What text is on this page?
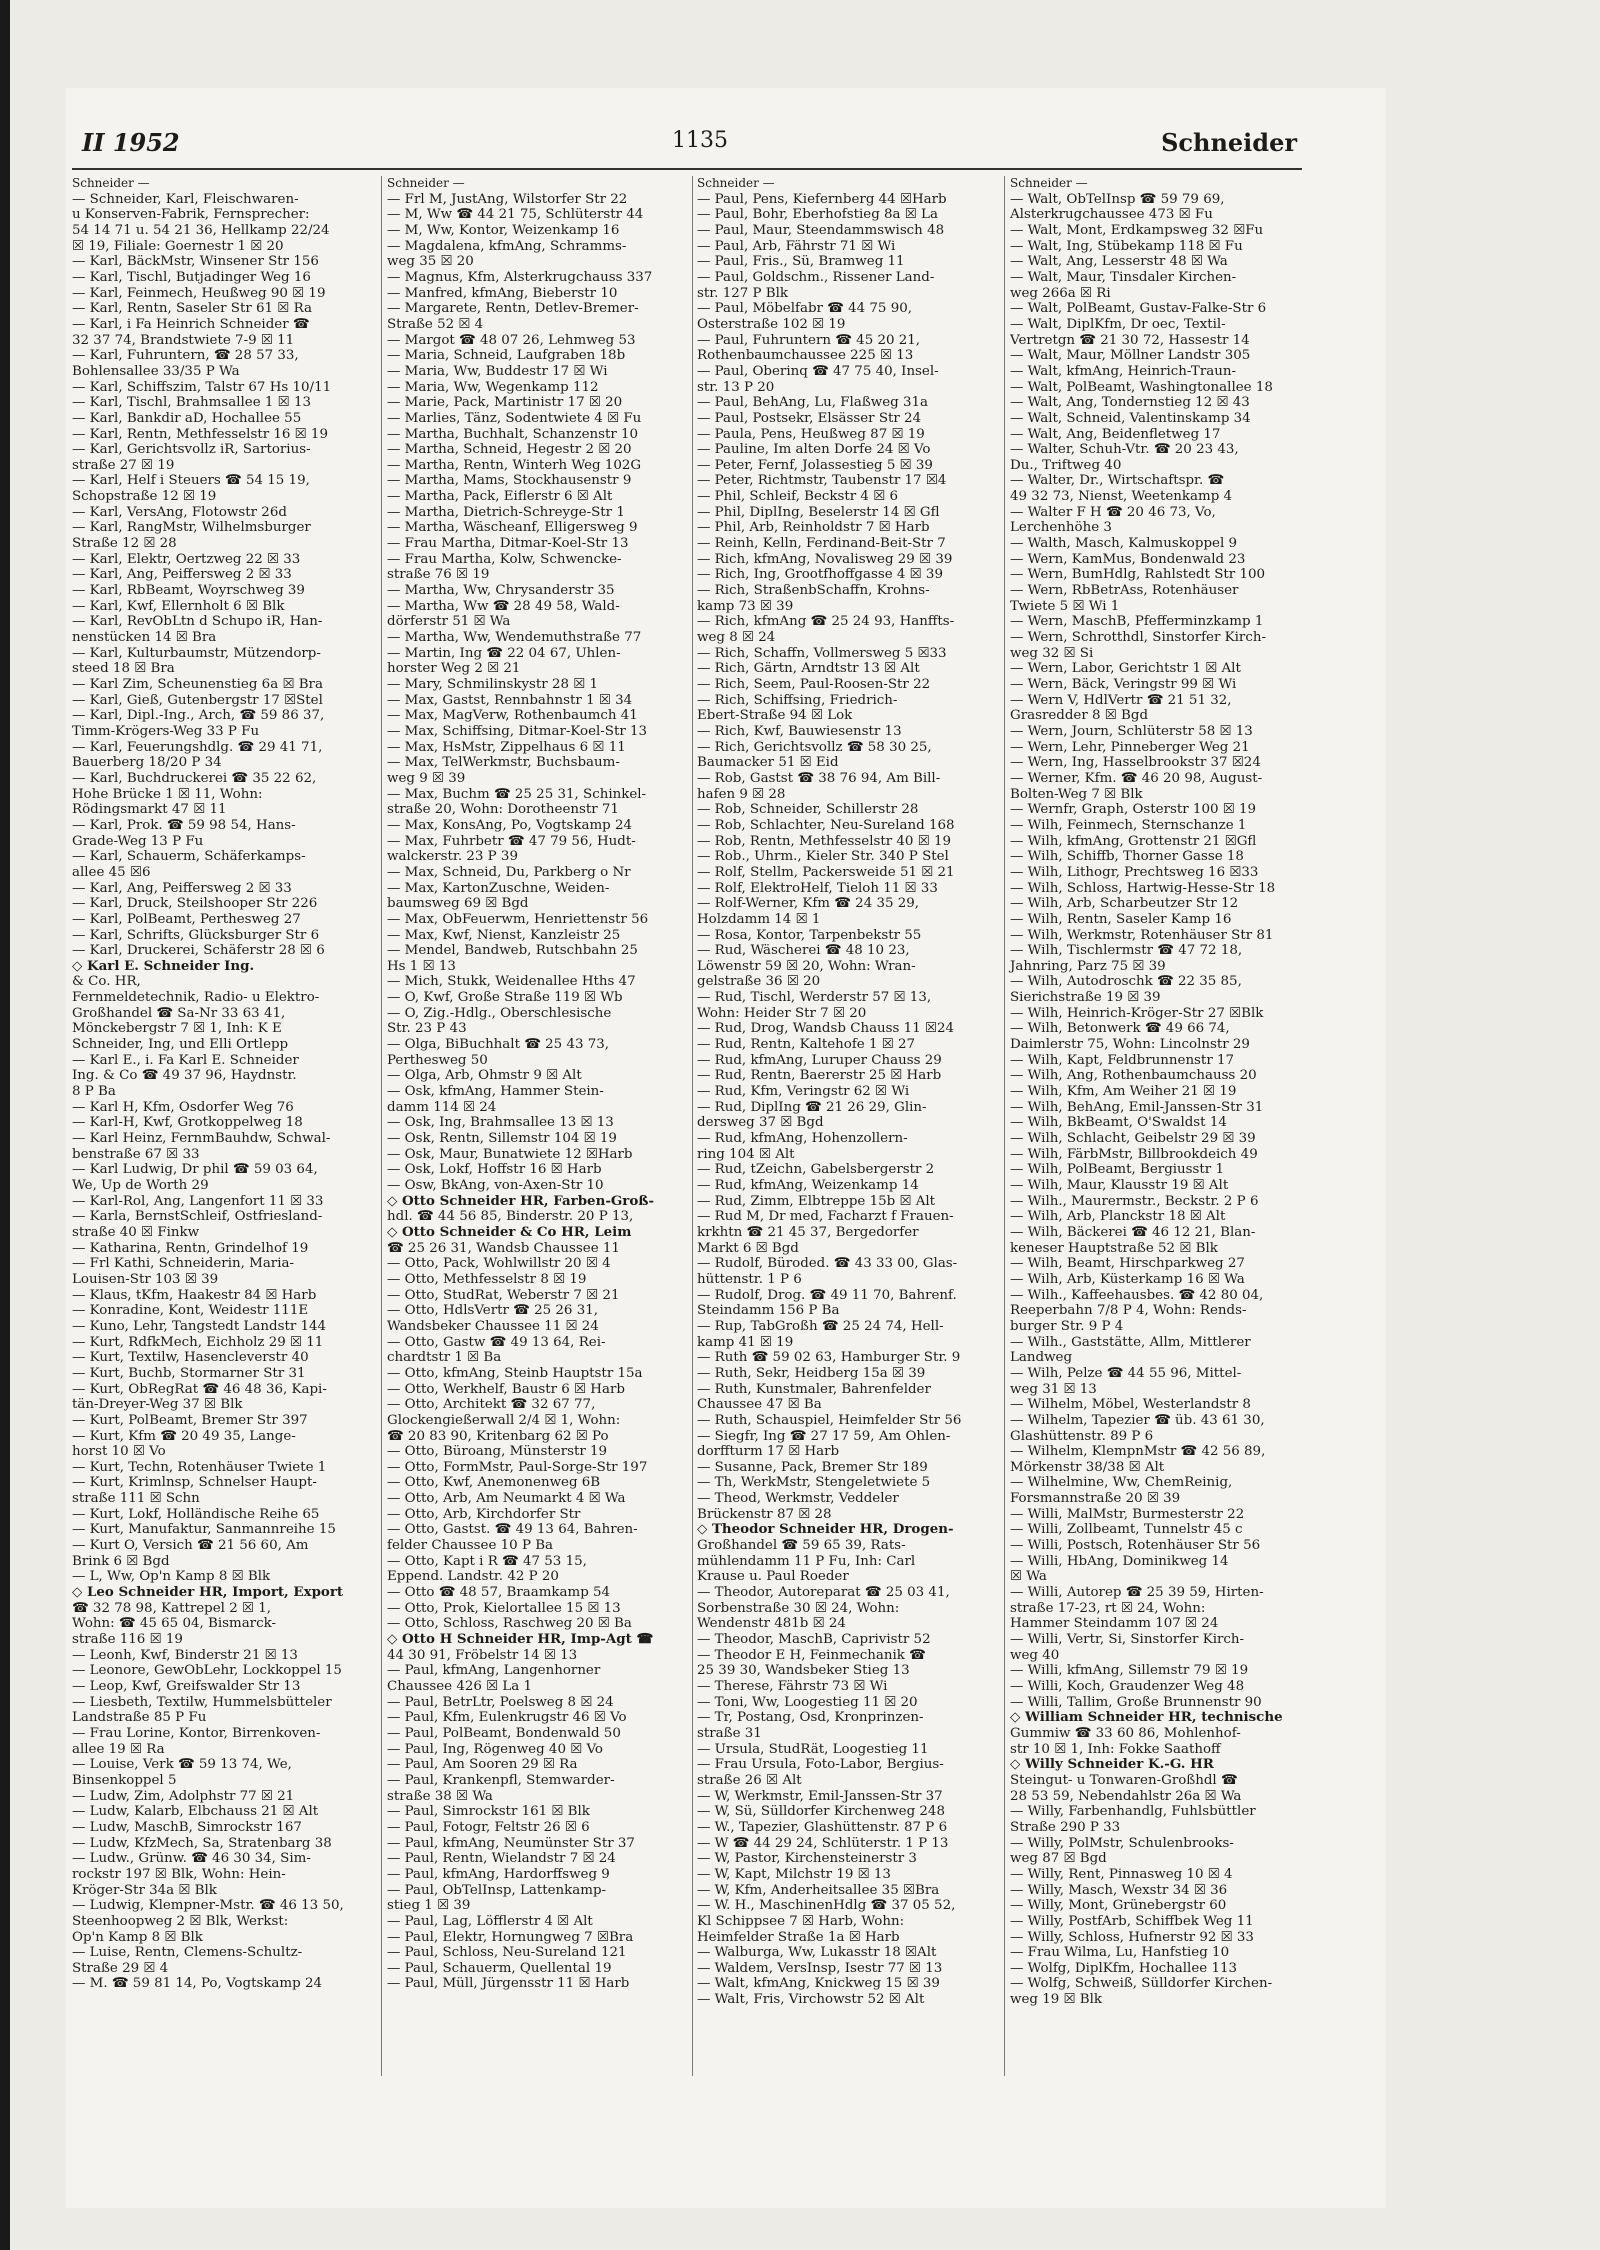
II 1952	1135	Schneider
Schneider —
— Schneider, Karl, Fleischwaren-
u Konserven-Fabrik, Fernsprecher:
54 14 71 u. 54 21 36, Hellkamp 22/24
☒ 19, Filiale: Goernestr 1 ☒ 20
— Karl, BäckMstr, Winsener Str 156
— Karl, Tischl, Butjadinger Weg 16
— Karl, Feinmech, Heußweg 90 ☒ 19
— Karl, Rentn, Saseler Str 61 ☒ Ra
— Karl, i Fa Heinrich Schneider ☎
32 37 74, Brandstwiete 7-9 ☒ 11
— Karl, Fuhruntern, ☎ 28 57 33,
Bohlensallee 33/35 P Wa
— Karl, Schiffszim, Talstr 67 Hs 10/11
— Karl, Tischl, Brahmsallee 1 ☒ 13
— Karl, Bankdir aD, Hochallee 55
— Karl, Rentn, Methfesselstr 16 ☒ 19
— Karl, Gerichtsvollz iR, Sartorius-
straße 27 ☒ 19
— Karl, Helf i Steuers ☎ 54 15 19,
Schopstraße 12 ☒ 19
— Karl, VersAng, Flotowstr 26d
— Karl, RangMstr, Wilhelmsburger
Straße 12 ☒ 28
— Karl, Elektr, Oertzweg 22 ☒ 33
— Karl, Ang, Peiffersweg 2 ☒ 33
— Karl, RbBeamt, Woyrschweg 39
— Karl, Kwf, Ellernholt 6 ☒ Blk
— Karl, RevObLtn d Schupo iR, Han-
nenstücken 14 ☒ Bra
— Karl, Kulturbaumstr, Mützendorp-
steed 18 ☒ Bra
— Karl Zim, Scheunenstieg 6a ☒ Bra
— Karl, Gieß, Gutenbergstr 17 ☒Stel
— Karl, Dipl.-Ing., Arch, ☎ 59 86 37,
Timm-Krögers-Weg 33 P Fu
— Karl, Feuerungshdlg. ☎ 29 41 71,
Bauerberg 18/20 P 34
— Karl, Buchdruckerei ☎ 35 22 62,
Hohe Brücke 1 ☒ 11, Wohn:
Rödingsmarkt 47 ☒ 11
— Karl, Prok. ☎ 59 98 54, Hans-
Grade-Weg 13 P Fu
— Karl, Schauerm, Schäferkamps-
allee 45 ☒6
— Karl, Ang, Peiffersweg 2 ☒ 33
— Karl, Druck, Steilshooper Str 226
— Karl, PolBeamt, Perthesweg 27
— Karl, Schrifts, Glücksburger Str 6
— Karl, Druckerei, Schäferstr 28 ☒ 6
◇ Karl E. Schneider Ing.
& Co. HR,
Fernmeldetechnik, Radio- u Elektro-
Großhandel ☎ Sa-Nr 33 63 41,
Mönckebergstr 7 ☒ 1, Inh: K E
Schneider, Ing, und Elli Ortlepp
— Karl E., i. Fa Karl E. Schneider
Ing. & Co ☎ 49 37 96, Haydnstr.
8 P Ba
— Karl H, Kfm, Osdorfer Weg 76
— Karl-H, Kwf, Grotkoppelweg 18
— Karl Heinz, FernmBauhdw, Schwal-
benstraße 67 ☒ 33
— Karl Ludwig, Dr phil ☎ 59 03 64,
We, Up de Worth 29
— Karl-Rol, Ang, Langenfort 11 ☒ 33
— Karla, BernstSchleif, Ostfriesland-
straße 40 ☒ Finkw
— Katharina, Rentn, Grindelhof 19
— Frl Kathi, Schneiderin, Maria-
Louisen-Str 103 ☒ 39
— Klaus, tKfm, Haakestr 84 ☒ Harb
— Konradine, Kont, Weidestr 111E
— Kuno, Lehr, Tangstedt Landstr 144
— Kurt, RdfkMech, Eichholz 29 ☒ 11
— Kurt, Textilw, Hasencleverstr 40
— Kurt, Buchb, Stormarner Str 31
— Kurt, ObRegRat ☎ 46 48 36, Kapi-
tän-Dreyer-Weg 37 ☒ Blk
— Kurt, PolBeamt, Bremer Str 397
— Kurt, Kfm ☎ 20 49 35, Lange-
horst 10 ☒ Vo
— Kurt, Techn, Rotenhäuser Twiete 1
— Kurt, Krimlnsp, Schnelser Haupt-
straße 111 ☒ Schn
— Kurt, Lokf, Holländische Reihe 65
— Kurt, Manufaktur, Sanmannreihe 15
— Kurt O, Versich ☎ 21 56 60, Am
Brink 6 ☒ Bgd
— L, Ww, Op'n Kamp 8 ☒ Blk
◇ Leo Schneider HR, Import, Export
☎ 32 78 98, Kattrepel 2 ☒ 1,
Wohn: ☎ 45 65 04, Bismarck-
straße 116 ☒ 19
— Leonh, Kwf, Binderstr 21 ☒ 13
— Leonore, GewObLehr, Lockkoppel 15
— Leop, Kwf, Greifswalder Str 13
— Liesbeth, Textilw, Hummelsbütteler
Landstraße 85 P Fu
— Frau Lorine, Kontor, Birrenkoven-
allee 19 ☒ Ra
— Louise, Verk ☎ 59 13 74, We,
Binsenkoppel 5
— Ludw, Zim, Adolphstr 77 ☒ 21
— Ludw, Kalarb, Elbchauss 21 ☒ Alt
— Ludw, MaschB, Simrockstr 167
— Ludw, KfzMech, Sa, Stratenbarg 38
— Ludw., Grünw. ☎ 46 30 34, Sim-
rockstr 197 ☒ Blk, Wohn: Hein-
Kröger-Str 34a ☒ Blk
— Ludwig, Klempner-Mstr. ☎ 46 13 50,
Steenhoopweg 2 ☒ Blk, Werkst:
Op'n Kamp 8 ☒ Blk
— Luise, Rentn, Clemens-Schultz-
Straße 29 ☒ 4
— M. ☎ 59 81 14, Po, Vogtskamp 24
Schneider —
— Frl M, JustAng, Wilstorfer Str 22
— M, Ww ☎ 44 21 75, Schlüterstr 44
— M, Ww, Kontor, Weizenkamp 16
— Magdalena, kfmAng, Schramms-
weg 35 ☒ 20
— Magnus, Kfm, Alsterkrugchauss 337
— Manfred, kfmAng, Bieberstr 10
— Margarete, Rentn, Detlev-Bremer-
Straße 52 ☒ 4
— Margot ☎ 48 07 26, Lehmweg 53
— Maria, Schneid, Laufgraben 18b
— Maria, Ww, Buddestr 17 ☒ Wi
— Maria, Ww, Wegenkamp 112
— Marie, Pack, Martinistr 17 ☒ 20
— Marlies, Tänz, Sodentwiete 4 ☒ Fu
— Martha, Buchhalt, Schanzenstr 10
— Martha, Schneid, Hegestr 2 ☒ 20
— Martha, Rentn, Winterh Weg 102G
— Martha, Mams, Stockhausenstr 9
— Martha, Pack, Eiflerstr 6 ☒ Alt
— Martha, Dietrich-Schreyge-Str 1
— Martha, Wäscheanf, Elligersweg 9
— Frau Martha, Ditmar-Koel-Str 13
— Frau Martha, Kolw, Schwencke-
straße 76 ☒ 19
— Martha, Ww, Chrysanderstr 35
— Martha, Ww ☎ 28 49 58, Wald-
dörferstr 51 ☒ Wa
— Martha, Ww, Wendemuthstraße 77
— Martin, Ing ☎ 22 04 67, Uhlen-
horster Weg 2 ☒ 21
— Mary, Schmilinskystr 28 ☒ 1
— Max, Gastst, Rennbahnstr 1 ☒ 34
— Max, MagVerw, Rothenbaumch 41
— Max, Schiffsing, Ditmar-Koel-Str 13
— Max, HsMstr, Zippelhaus 6 ☒ 11
— Max, TelWerkmstr, Buchsbaum-
weg 9 ☒ 39
— Max, Buchm ☎ 25 25 31, Schinkel-
straße 20, Wohn: Dorotheenstr 71
— Max, KonsAng, Po, Vogtskamp 24
— Max, Fuhrbetr ☎ 47 79 56, Hudt-
walckerstr. 23 P 39
— Max, Schneid, Du, Parkberg o Nr
— Max, KartonZuschne, Weiden-
baumsweg 69 ☒ Bgd
— Max, ObFeuerwm, Henriettenstr 56
— Max, Kwf, Nienst, Kanzleistr 25
— Mendel, Bandweb, Rutschbahn 25
Hs 1 ☒ 13
— Mich, Stukk, Weidenallee Hths 47
— O, Kwf, Große Straße 119 ☒ Wb
— O, Zig.-Hdlg., Oberschlesische
Str. 23 P 43
— Olga, BiBuchhalt ☎ 25 43 73,
Perthesweg 50
— Olga, Arb, Ohmstr 9 ☒ Alt
— Osk, kfmAng, Hammer Stein-
damm 114 ☒ 24
— Osk, Ing, Brahmsallee 13 ☒ 13
— Osk, Rentn, Sillemstr 104 ☒ 19
— Osk, Maur, Bunatwiete 12 ☒Harb
— Osk, Lokf, Hoffstr 16 ☒ Harb
— Osw, BkAng, von-Axen-Str 10
◇ Otto Schneider HR, Farben-Groß-
hdl. ☎ 44 56 85, Binderstr. 20 P 13,
◇ Otto Schneider & Co HR, Leim
☎ 25 26 31, Wandsb Chaussee 11
— Otto, Pack, Wohlwillstr 20 ☒ 4
— Otto, Methfesselstr 8 ☒ 19
— Otto, StudRat, Weberstr 7 ☒ 21
— Otto, HdlsVertr ☎ 25 26 31,
Wandsbeker Chaussee 11 ☒ 24
— Otto, Gastw ☎ 49 13 64, Rei-
chardtstr 1 ☒ Ba
— Otto, kfmAng, Steinb Hauptstr 15a
— Otto, Werkhelf, Baustr 6 ☒ Harb
— Otto, Architekt ☎ 32 67 77,
Glockengießerwall 2/4 ☒ 1, Wohn:
☎ 20 83 90, Kritenbarg 62 ☒ Po
— Otto, Büroang, Münsterstr 19
— Otto, FormMstr, Paul-Sorge-Str 197
— Otto, Kwf, Anemonenweg 6B
— Otto, Arb, Am Neumarkt 4 ☒ Wa
— Otto, Arb, Kirchdorfer Str
— Otto, Gastst. ☎ 49 13 64, Bahren-
felder Chaussee 10 P Ba
— Otto, Kapt i R ☎ 47 53 15,
Eppend. Landstr. 42 P 20
— Otto ☎ 48 57, Braamkamp 54
— Otto, Prok, Kielortallee 15 ☒ 13
— Otto, Schloss, Raschweg 20 ☒ Ba
◇ Otto H Schneider HR, Imp-Agt ☎
44 30 91, Fröbelstr 14 ☒ 13
— Paul, kfmAng, Langenhorner
Chaussee 426 ☒ La 1
— Paul, BetrLtr, Poelsweg 8 ☒ 24
— Paul, Kfm, Eulenkrugstr 46 ☒ Vo
— Paul, PolBeamt, Bondenwald 50
— Paul, Ing, Rögenweg 40 ☒ Vo
— Paul, Am Sooren 29 ☒ Ra
— Paul, Krankenpfl, Stemwarder-
straße 38 ☒ Wa
— Paul, Simrockstr 161 ☒ Blk
— Paul, Fotogr, Feltstr 26 ☒ 6
— Paul, kfmAng, Neumünster Str 37
— Paul, Rentn, Wielandstr 7 ☒ 24
— Paul, kfmAng, Hardorffsweg 9
— Paul, ObTelInsp, Lattenkamp-
stieg 1 ☒ 39
— Paul, Lag, Löfflerstr 4 ☒ Alt
— Paul, Elektr, Hornungweg 7 ☒Bra
— Paul, Schloss, Neu-Sureland 121
— Paul, Schauerm, Quellental 19
— Paul, Müll, Jürgensstr 11 ☒ Harb
Schneider —
— Paul, Pens, Kiefernberg 44 ☒Harb
— Paul, Bohr, Eberhofstieg 8a ☒ La
— Paul, Maur, Steendammswisch 48
— Paul, Arb, Fährstr 71 ☒ Wi
— Paul, Fris., Sü, Bramweg 11
— Paul, Goldschm., Rissener Land-
str. 127 P Blk
— Paul, Möbelfabr ☎ 44 75 90,
Osterstraße 102 ☒ 19
— Paul, Fuhruntern ☎ 45 20 21,
Rothenbaumchaussee 225 ☒ 13
— Paul, Oberinq ☎ 47 75 40, Insel-
str. 13 P 20
— Paul, BehAng, Lu, Flaßweg 31a
— Paul, Postsekr, Elsässer Str 24
— Paula, Pens, Heußweg 87 ☒ 19
— Pauline, Im alten Dorfe 24 ☒ Vo
— Peter, Fernf, Jolassestieg 5 ☒ 39
— Peter, Richtmstr, Taubenstr 17 ☒4
— Phil, Schleif, Beckstr 4 ☒ 6
— Phil, DiplIng, Beselerstr 14 ☒ Gfl
— Phil, Arb, Reinholdstr 7 ☒ Harb
— Reinh, Kelln, Ferdinand-Beit-Str 7
— Rich, kfmAng, Novalisweg 29 ☒ 39
— Rich, Ing, Grootfhoffgasse 4 ☒ 39
— Rich, StraßenbSchaffn, Krohns-
kamp 73 ☒ 39
— Rich, kfmAng ☎ 25 24 93, Hanffts-
weg 8 ☒ 24
— Rich, Schaffn, Vollmersweg 5 ☒33
— Rich, Gärtn, Arndtstr 13 ☒ Alt
— Rich, Seem, Paul-Roosen-Str 22
— Rich, Schiffsing, Friedrich-
Ebert-Straße 94 ☒ Lok
— Rich, Kwf, Bauwiesenstr 13
— Rich, Gerichtsvollz ☎ 58 30 25,
Baumacker 51 ☒ Eid
— Rob, Gastst ☎ 38 76 94, Am Bill-
hafen 9 ☒ 28
— Rob, Schneider, Schillerstr 28
— Rob, Schlachter, Neu-Sureland 168
— Rob, Rentn, Methfesselstr 40 ☒ 19
— Rob., Uhrm., Kieler Str. 340 P Stel
— Rolf, Stellm, Packersweide 51 ☒ 21
— Rolf, ElektroHelf, Tieloh 11 ☒ 33
— Rolf-Werner, Kfm ☎ 24 35 29,
Holzdamm 14 ☒ 1
— Rosa, Kontor, Tarpenbekstr 55
— Rud, Wäscherei ☎ 48 10 23,
Löwenstr 59 ☒ 20, Wohn: Wran-
gelstraße 36 ☒ 20
— Rud, Tischl, Werderstr 57 ☒ 13,
Wohn: Heider Str 7 ☒ 20
— Rud, Drog, Wandsb Chauss 11 ☒24
— Rud, Rentn, Kaltehofe 1 ☒ 27
— Rud, kfmAng, Luruper Chauss 29
— Rud, Rentn, Baererstr 25 ☒ Harb
— Rud, Kfm, Veringstr 62 ☒ Wi
— Rud, DiplIng ☎ 21 26 29, Glin-
dersweg 37 ☒ Bgd
— Rud, kfmAng, Hohenzollern-
ring 104 ☒ Alt
— Rud, tZeichn, Gabelsbergerstr 2
— Rud, kfmAng, Weizenkamp 14
— Rud, Zimm, Elbtreppe 15b ☒ Alt
— Rud M, Dr med, Facharzt f Frauen-
krkhtn ☎ 21 45 37, Bergedorfer
Markt 6 ☒ Bgd
— Rudolf, Büroded. ☎ 43 33 00, Glas-
hüttenstr. 1 P 6
— Rudolf, Drog. ☎ 49 11 70, Bahrenf.
Steindamm 156 P Ba
— Rup, TabGroßh ☎ 25 24 74, Hell-
kamp 41 ☒ 19
— Ruth ☎ 59 02 63, Hamburger Str. 9
— Ruth, Sekr, Heidberg 15a ☒ 39
— Ruth, Kunstmaler, Bahrenfelder
Chaussee 47 ☒ Ba
— Ruth, Schauspiel, Heimfelder Str 56
— Siegfr, Ing ☎ 27 17 59, Am Ohlen-
dorffturm 17 ☒ Harb
— Susanne, Pack, Bremer Str 189
— Th, WerkMstr, Stengeletwiete 5
— Theod, Werkmstr, Veddeler
Brückenstr 87 ☒ 28
◇ Theodor Schneider HR, Drogen-
Großhandel ☎ 59 65 39, Rats-
mühlendamm 11 P Fu, Inh: Carl
Krause u. Paul Roeder
— Theodor, Autoreparat ☎ 25 03 41,
Sorbenstraße 30 ☒ 24, Wohn:
Wendenstr 481b ☒ 24
— Theodor, MaschB, Caprivistr 52
— Theodor E H, Feinmechanik ☎
25 39 30, Wandsbeker Stieg 13
— Therese, Fährstr 73 ☒ Wi
— Toni, Ww, Loogestieg 11 ☒ 20
— Tr, Postang, Osd, Kronprinzen-
straße 31
— Ursula, StudRät, Loogestieg 11
— Frau Ursula, Foto-Labor, Bergius-
straße 26 ☒ Alt
— W, Werkmstr, Emil-Janssen-Str 37
— W, Sü, Sülldorfer Kirchenweg 248
— W., Tapezier, Glashüttenstr. 87 P 6
— W ☎ 44 29 24, Schlüterstr. 1 P 13
— W, Pastor, Kirchensteinerstr 3
— W, Kapt, Milchstr 19 ☒ 13
— W, Kfm, Anderheitsallee 35 ☒Bra
— W. H., MaschinenHdlg ☎ 37 05 52,
Kl Schippsee 7 ☒ Harb, Wohn:
Heimfelder Straße 1a ☒ Harb
— Walburga, Ww, Lukasstr 18 ☒Alt
— Waldem, VersInsp, Isestr 77 ☒ 13
— Walt, kfmAng, Knickweg 15 ☒ 39
— Walt, Fris, Virchowstr 52 ☒ Alt
Schneider —
— Walt, ObTelInsp ☎ 59 79 69,
Alsterkrugchaussee 473 ☒ Fu
— Walt, Mont, Erdkampsweg 32 ☒Fu
— Walt, Ing, Stübekamp 118 ☒ Fu
— Walt, Ang, Lesserstr 48 ☒ Wa
— Walt, Maur, Tinsdaler Kirchen-
weg 266a ☒ Ri
— Walt, PolBeamt, Gustav-Falke-Str 6
— Walt, DiplKfm, Dr oec, Textil-
Vertretgn ☎ 21 30 72, Hassestr 14
— Walt, Maur, Möllner Landstr 305
— Walt, kfmAng, Heinrich-Traun-
— Walt, PolBeamt, Washingtonallee 18
— Walt, Ang, Tondernstieg 12 ☒ 43
— Walt, Schneid, Valentinskamp 34
— Walt, Ang, Beidenfletweg 17
— Walter, Schuh-Vtr. ☎ 20 23 43,
Du., Triftweg 40
— Walter, Dr., Wirtschaftspr. ☎
49 32 73, Nienst, Weetenkamp 4
— Walter F H ☎ 20 46 73, Vo,
Lerchenhöhe 3
— Walth, Masch, Kalmuskoppel 9
— Wern, KamMus, Bondenwald 23
— Wern, BumHdlg, Rahlstedt Str 100
— Wern, RbBetrAss, Rotenhäuser
Twiete 5 ☒ Wi 1
— Wern, MaschB, Pfefferminzkamp 1
— Wern, Schrotthdl, Sinstorfer Kirch-
weg 32 ☒ Si
— Wern, Labor, Gerichtstr 1 ☒ Alt
— Wern, Bäck, Veringstr 99 ☒ Wi
— Wern V, HdlVertr ☎ 21 51 32,
Grasredder 8 ☒ Bgd
— Wern, Journ, Schlüterstr 58 ☒ 13
— Wern, Lehr, Pinneberger Weg 21
— Wern, Ing, Hasselbrookstr 37 ☒24
— Werner, Kfm. ☎ 46 20 98, August-
Bolten-Weg 7 ☒ Blk
— Wernfr, Graph, Osterstr 100 ☒ 19
— Wilh, Feinmech, Sternschanze 1
— Wilh, kfmAng, Grottenstr 21 ☒Gfl
— Wilh, Schiffb, Thorner Gasse 18
— Wilh, Lithogr, Prechtsweg 16 ☒33
— Wilh, Schloss, Hartwig-Hesse-Str 18
— Wilh, Arb, Scharbeutzer Str 12
— Wilh, Rentn, Saseler Kamp 16
— Wilh, Werkmstr, Rotenhäuser Str 81
— Wilh, Tischlermstr ☎ 47 72 18,
Jahnring, Parz 75 ☒ 39
— Wilh, Autodroschk ☎ 22 35 85,
Sierichstraße 19 ☒ 39
— Wilh, Heinrich-Kröger-Str 27 ☒Blk
— Wilh, Betonwerk ☎ 49 66 74,
Daimlerstr 75, Wohn: Lincolnstr 29
— Wilh, Kapt, Feldbrunnenstr 17
— Wilh, Ang, Rothenbaumchauss 20
— Wilh, Kfm, Am Weiher 21 ☒ 19
— Wilh, BehAng, Emil-Janssen-Str 31
— Wilh, BkBeamt, O'Swaldst 14
— Wilh, Schlacht, Geibelstr 29 ☒ 39
— Wilh, FärbMstr, Billbrookdeich 49
— Wilh, PolBeamt, Bergiusstr 1
— Wilh, Maur, Klausstr 19 ☒ Alt
— Wilh., Maurermstr., Beckstr. 2 P 6
— Wilh, Arb, Planckstr 18 ☒ Alt
— Wilh, Bäckerei ☎ 46 12 21, Blan-
keneser Hauptstraße 52 ☒ Blk
— Wilh, Beamt, Hirschparkweg 27
— Wilh, Arb, Küsterkamp 16 ☒ Wa
— Wilh., Kaffeehausbes. ☎ 42 80 04,
Reeperbahn 7/8 P 4, Wohn: Rends-
burger Str. 9 P 4
— Wilh., Gaststätte, Allm, Mittlerer
Landweg
— Wilh, Pelze ☎ 44 55 96, Mittel-
weg 31 ☒ 13
— Wilhelm, Möbel, Westerlandstr 8
— Wilhelm, Tapezier ☎ üb. 43 61 30,
Glashüttenstr. 89 P 6
— Wilhelm, KlempnMstr ☎ 42 56 89,
Mörkenstr 38/38 ☒ Alt
— Wilhelmine, Ww, ChemReinig,
Forsmannstraße 20 ☒ 39
— Willi, MalMstr, Burmesterstr 22
— Willi, Zollbeamt, Tunnelstr 45 c
— Willi, Postsch, Rotenhäuser Str 56
— Willi, HbAng, Dominikweg 14
☒ Wa
— Willi, Autorep ☎ 25 39 59, Hirten-
straße 17-23, rt ☒ 24, Wohn:
Hammer Steindamm 107 ☒ 24
— Willi, Vertr, Si, Sinstorfer Kirch-
weg 40
— Willi, kfmAng, Sillemstr 79 ☒ 19
— Willi, Koch, Graudenzer Weg 48
— Willi, Tallim, Große Brunnenstr 90
◇ William Schneider HR, technische
Gummiw ☎ 33 60 86, Mohlenhof-
str 10 ☒ 1, Inh: Fokke Saathoff
◇ Willy Schneider K.-G. HR
Steingut- u Tonwaren-Großhdl ☎
28 53 59, Nebendahlstr 26a ☒ Wa
— Willy, Farbenhandlg, Fuhlsbüttler
Straße 290 P 33
— Willy, PolMstr, Schulenbrooks-
weg 87 ☒ Bgd
— Willy, Rent, Pinnasweg 10 ☒ 4
— Willy, Masch, Wexstr 34 ☒ 36
— Willy, Mont, Grünebergstr 60
— Willy, PostfArb, Schiffbek Weg 11
— Willy, Schloss, Hufnerstr 92 ☒ 33
— Frau Wilma, Lu, Hanfstieg 10
— Wolfg, DiplKfm, Hochallee 113
— Wolfg, Schweiß, Sülldorfer Kirchen-
weg 19 ☒ Blk
